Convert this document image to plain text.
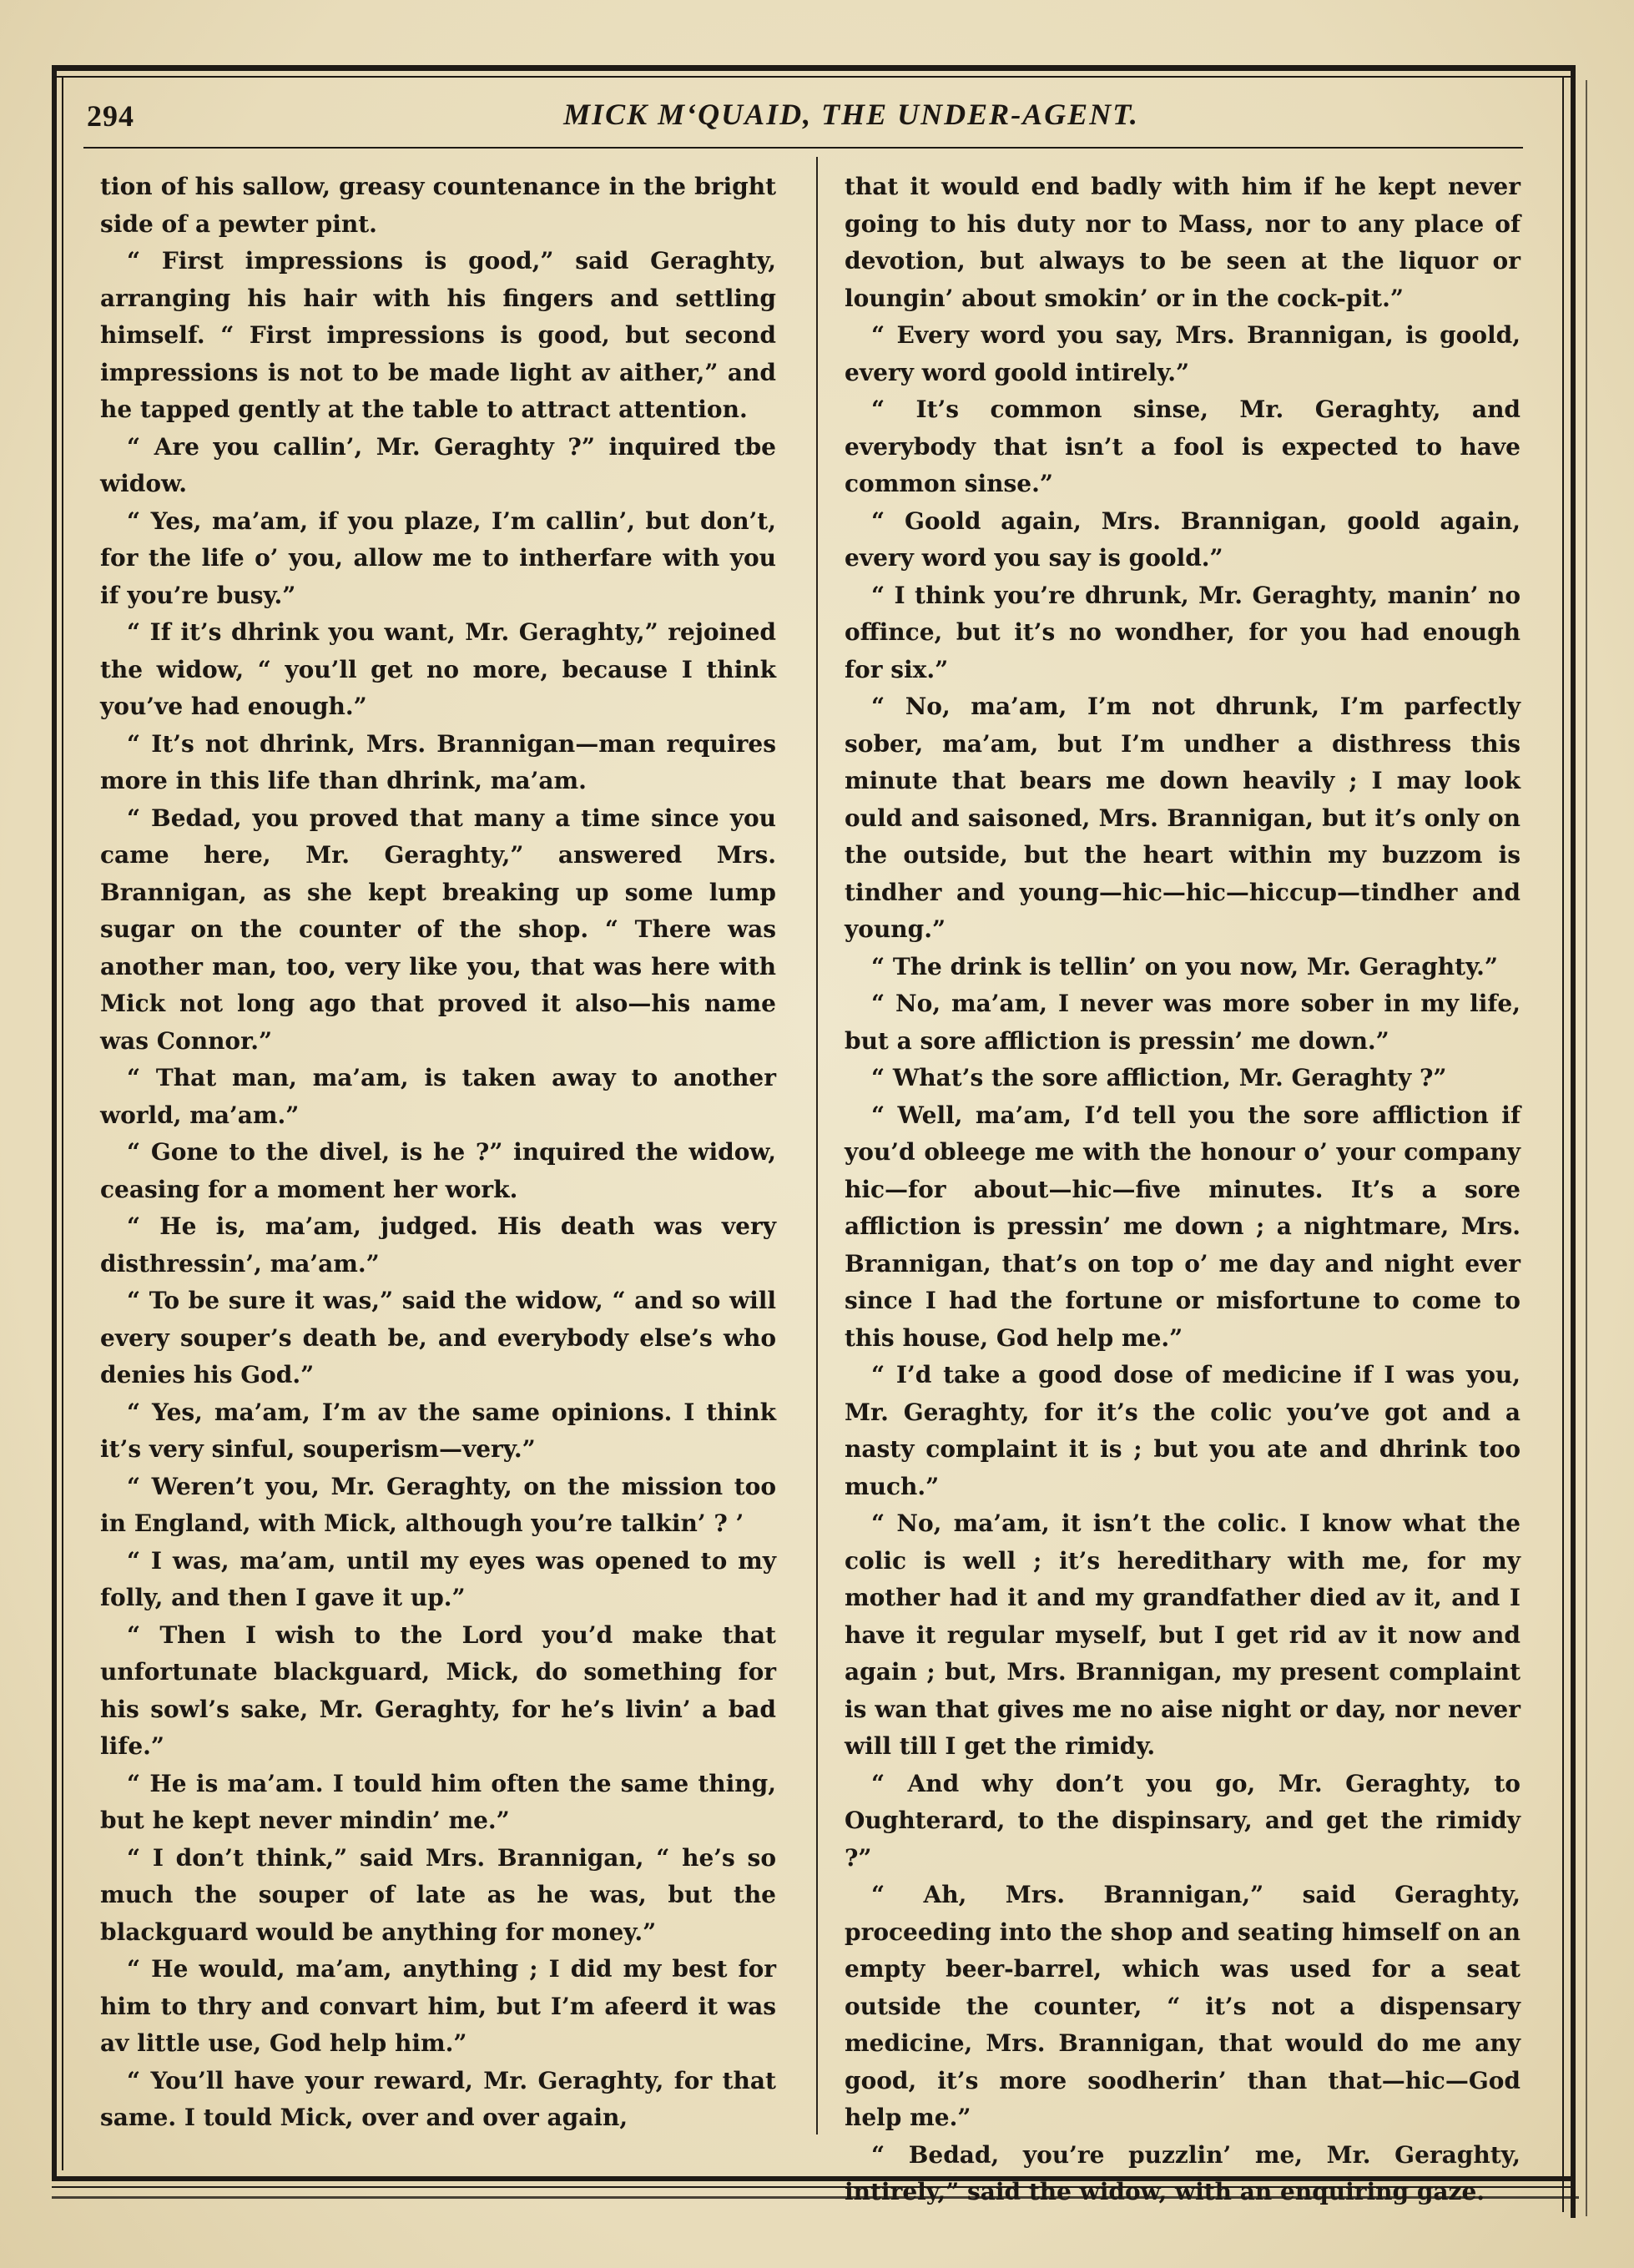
294	MICK M‘QUAID, THE UNDER-AGENT.

tion of his sallow, greasy countenance in the bright side of a pewter pint.

“ First impressions is good,” said Geraghty, arranging his hair with his fingers and settling himself. “ First impressions is good, but second impressions is not to be made light av aither,” and he tapped gently at the table to attract attention.

“ Are you callin’, Mr. Geraghty ?” inquired tbe widow.

“ Yes, ma’am, if you plaze, I’m callin’, but don’t, for the life o’ you, allow me to intherfare with you if you’re busy.”

“ If it’s dhrink you want, Mr. Geraghty,” rejoined the widow, “ you’ll get no more, because I think you’ve had enough.”

“ It’s not dhrink, Mrs. Brannigan—man requires more in this life than dhrink, ma’am.

“ Bedad, you proved that many a time since you came here, Mr. Geraghty,” answered Mrs. Brannigan, as she kept breaking up some lump sugar on the counter of the shop. “ There was another man, too, very like you, that was here with Mick not long ago that proved it also—his name was Connor.”

“ That man, ma’am, is taken away to another world, ma’am.”

“ Gone to the divel, is he ?” inquired the widow, ceasing for a moment her work.

“ He is, ma’am, judged. His death was very disthressin’, ma’am.”

“ To be sure it was,” said the widow, “ and so will every souper’s death be, and everybody else’s who denies his God.”

“ Yes, ma’am, I’m av the same opinions. I think it’s very sinful, souperism—very.”

“ Weren’t you, Mr. Geraghty, on the mission too in England, with Mick, although you’re talkin’ ? ’

“ I was, ma’am, until my eyes was opened to my folly, and then I gave it up.”

“ Then I wish to the Lord you’d make that unfortunate blackguard, Mick, do something for his sowl’s sake, Mr. Geraghty, for he’s livin’ a bad life.”

“ He is ma’am. I tould him often the same thing, but he kept never mindin’ me.”

“ I don’t think,” said Mrs. Brannigan, “ he’s so much the souper of late as he was, but the blackguard would be anything for money.”

“ He would, ma’am, anything ; I did my best for him to thry and convart him, but I’m afeerd it was av little use, God help him.”

“ You’ll have your reward, Mr. Geraghty, for that same. I tould Mick, over and over again,

that it would end badly with him if he kept never going to his duty nor to Mass, nor to any place of devotion, but always to be seen at the liquor or loungin’ about smokin’ or in the cock-pit.”

“ Every word you say, Mrs. Brannigan, is goold, every word goold intirely.”

“ It’s common sinse, Mr. Geraghty, and everybody that isn’t a fool is expected to have common sinse.”

“ Goold again, Mrs. Brannigan, goold again, every word you say is goold.”

“ I think you’re dhrunk, Mr. Geraghty, manin’ no offince, but it’s no wondher, for you had enough for six.”

“ No, ma’am, I’m not dhrunk, I’m parfectly sober, ma’am, but I’m undher a disthress this minute that bears me down heavily ; I may look ould and saisoned, Mrs. Brannigan, but it’s only on the outside, but the heart within my buzzom is tindher and young—hic—hic—hiccup—tindher and young.”

“ The drink is tellin’ on you now, Mr. Geraghty.”

“ No, ma’am, I never was more sober in my life, but a sore affliction is pressin’ me down.”

“ What’s the sore affliction, Mr. Geraghty ?”

“ Well, ma’am, I’d tell you the sore affliction if you’d obleege me with the honour o’ your company hic—for about—hic—five minutes. It’s a sore affliction is pressin’ me down ; a nightmare, Mrs. Brannigan, that’s on top o’ me day and night ever since I had the fortune or misfortune to come to this house, God help me.”

“ I’d take a good dose of medicine if I was you, Mr. Geraghty, for it’s the colic you’ve got and a nasty complaint it is ; but you ate and dhrink too much.”

“ No, ma’am, it isn’t the colic. I know what the colic is well ; it’s heredithary with me, for my mother had it and my grandfather died av it, and I have it regular myself, but I get rid av it now and again ; but, Mrs. Brannigan, my present complaint is wan that gives me no aise night or day, nor never will till I get the rimidy.

“ And why don’t you go, Mr. Geraghty, to Oughterard, to the dispinsary, and get the rimidy ?”

“ Ah, Mrs. Brannigan,” said Geraghty, proceeding into the shop and seating himself on an empty beer-barrel, which was used for a seat outside the counter, “ it’s not a dispensary medicine, Mrs. Brannigan, that would do me any good, it’s more soodherin’ than that—hic—God help me.”

“ Bedad, you’re puzzlin’ me, Mr. Geraghty, intirely,” said the widow, with an enquiring gaze.
